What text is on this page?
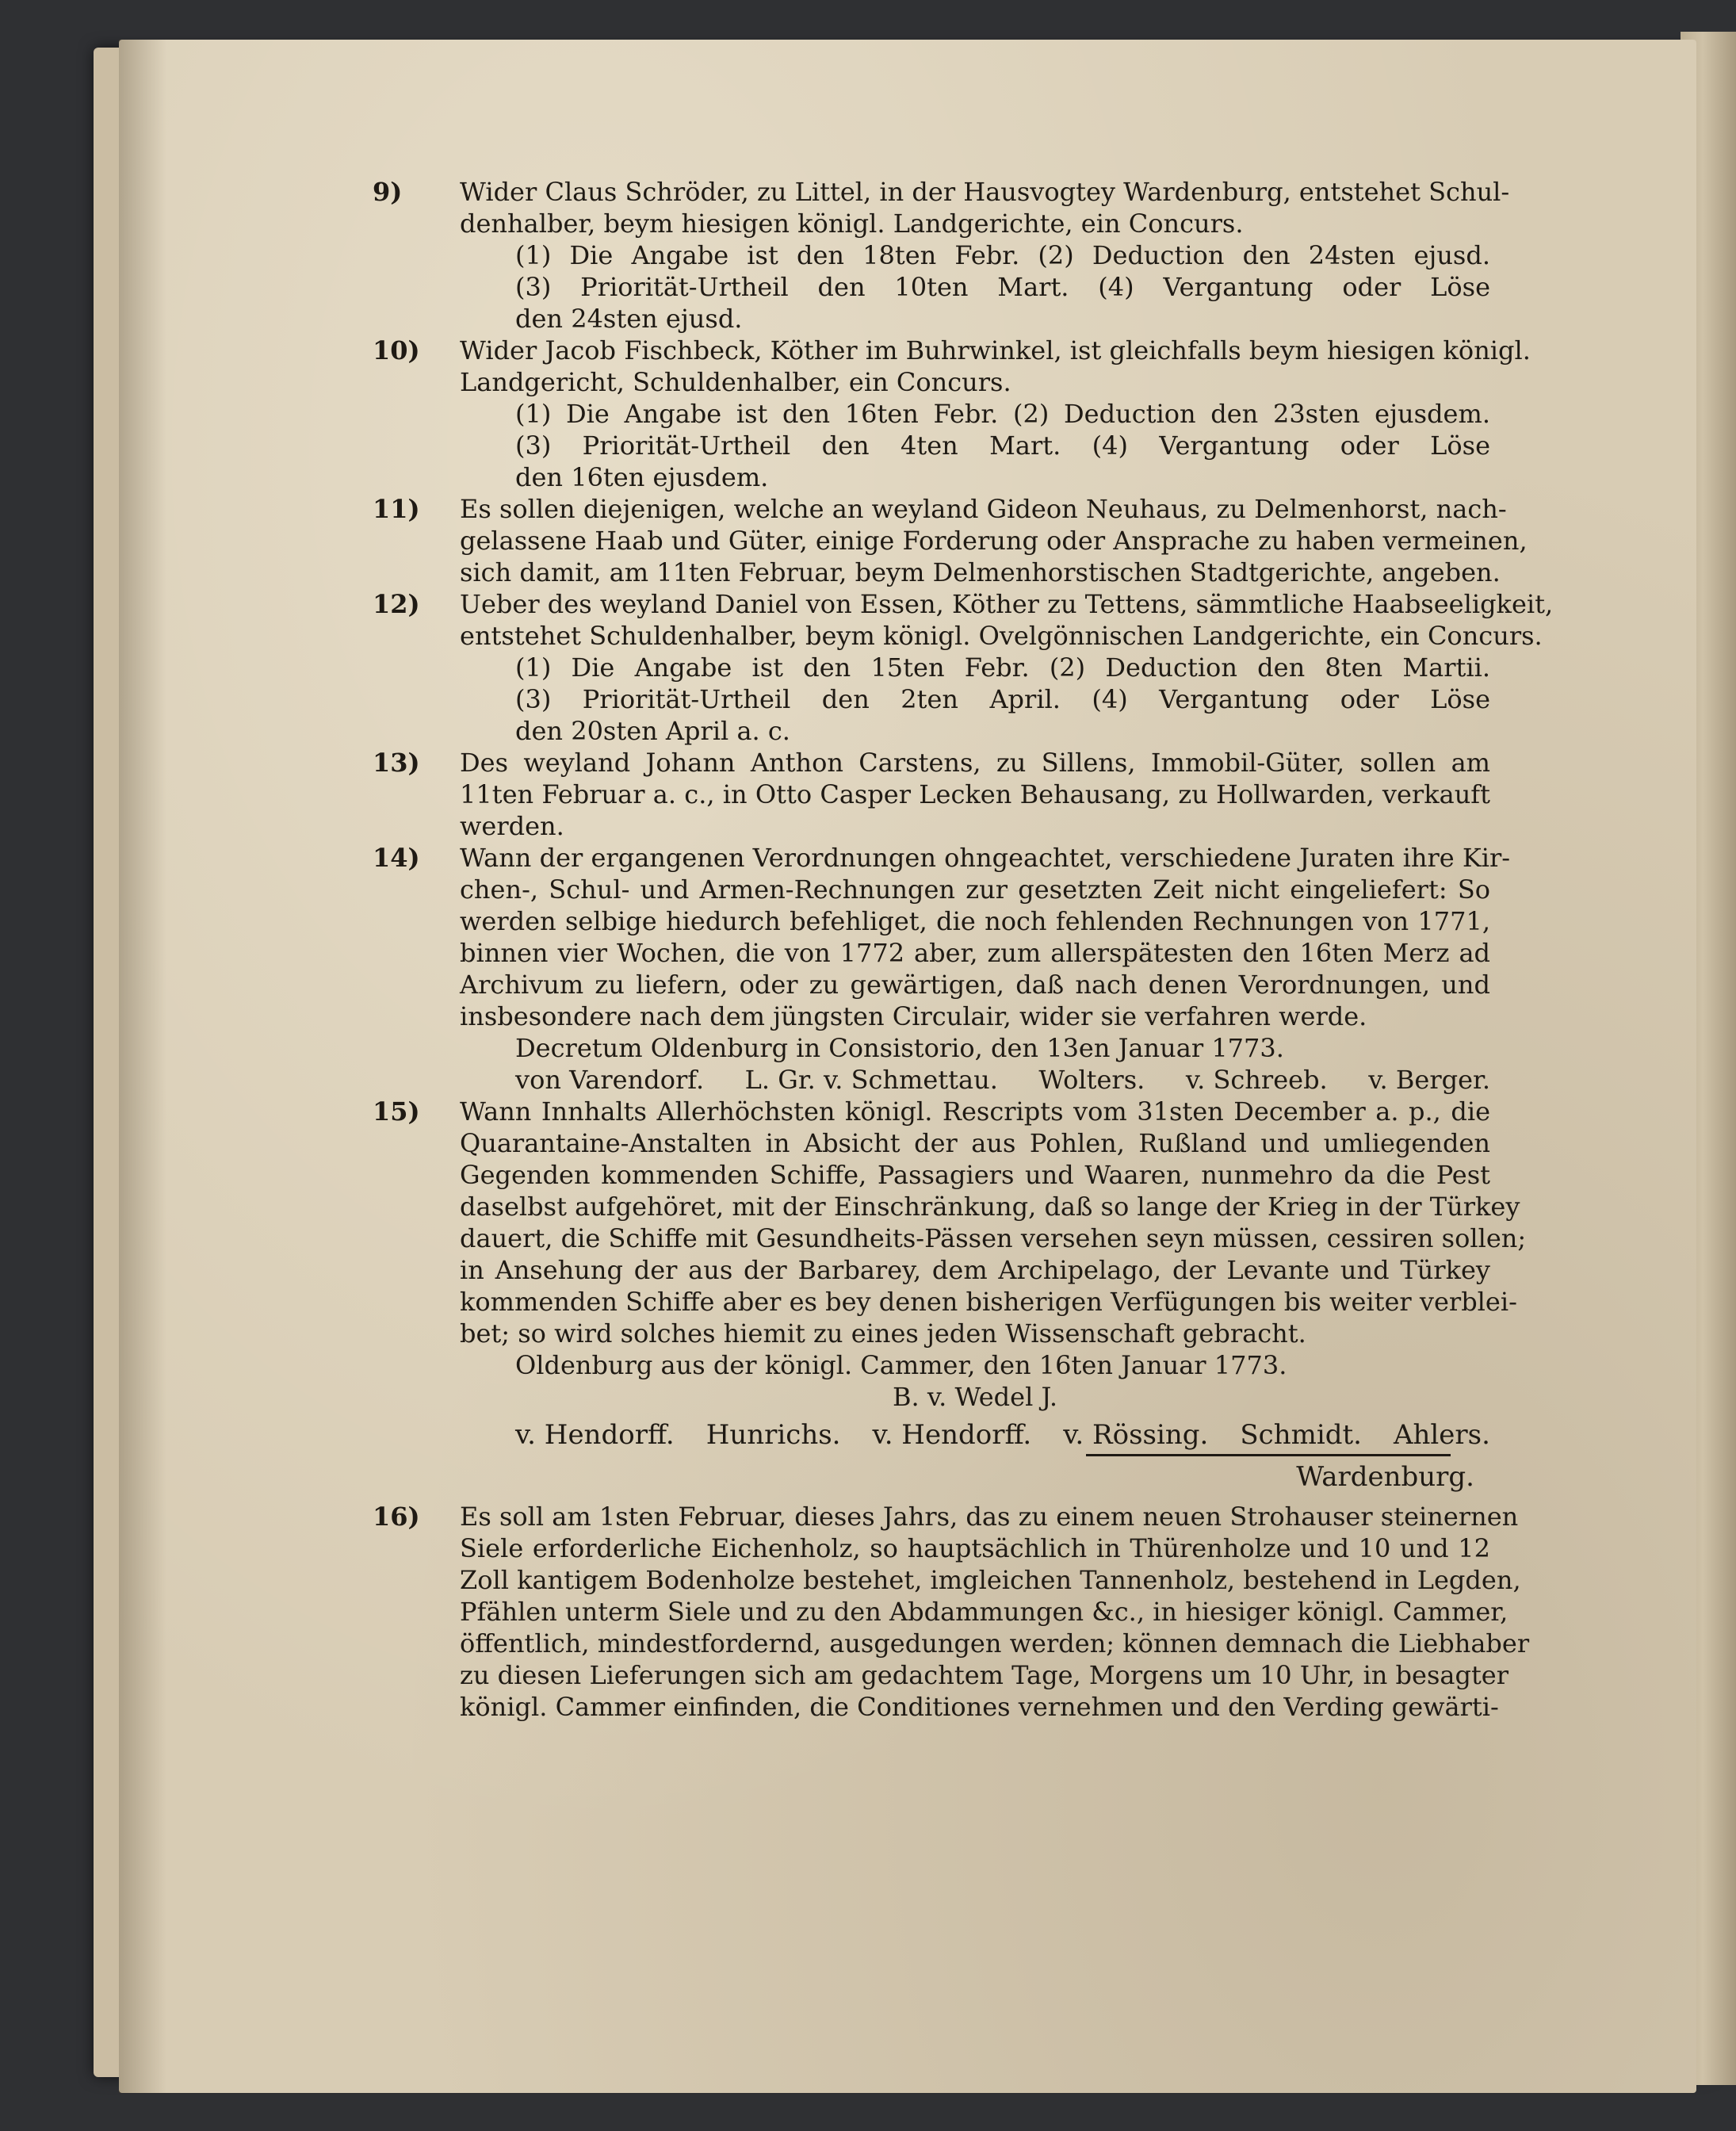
9)	Wider Claus Schröder, zu Littel, in der Hausvogtey Wardenburg, entstehet Schul-
denhalber, beym hiesigen königl. Landgerichte, ein Concurs.
(1) Die Angabe ist den 18ten Febr. (2) Deduction den 24sten ejusd.
(3) Priorität-Urtheil den 10ten Mart. (4) Vergantung oder Löse
den 24sten ejusd.
10)	Wider Jacob Fischbeck, Köther im Buhrwinkel, ist gleichfalls beym hiesigen königl.
Landgericht, Schuldenhalber, ein Concurs.
(1) Die Angabe ist den 16ten Febr. (2) Deduction den 23sten ejusdem.
(3) Priorität-Urtheil den 4ten Mart. (4) Vergantung oder Löse
den 16ten ejusdem.
11)	Es sollen diejenigen, welche an weyland Gideon Neuhaus, zu Delmenhorst, nach-
gelassene Haab und Güter, einige Forderung oder Ansprache zu haben vermeinen,
sich damit, am 11ten Februar, beym Delmenhorstischen Stadtgerichte, angeben.
12)	Ueber des weyland Daniel von Essen, Köther zu Tettens, sämmtliche Haabseeligkeit,
entstehet Schuldenhalber, beym königl. Ovelgönnischen Landgerichte, ein Concurs.
(1) Die Angabe ist den 15ten Febr. (2) Deduction den 8ten Martii.
(3) Priorität-Urtheil den 2ten April. (4) Vergantung oder Löse
den 20sten April a. c.
13)	Des weyland Johann Anthon Carstens, zu Sillens, Immobil-Güter, sollen am
11ten Februar a. c., in Otto Casper Lecken Behausang, zu Hollwarden, verkauft
werden.
14)	Wann der ergangenen Verordnungen ohngeachtet, verschiedene Juraten ihre Kir-
chen-, Schul- und Armen-Rechnungen zur gesetzten Zeit nicht eingeliefert: So
werden selbige hiedurch befehliget, die noch fehlenden Rechnungen von 1771,
binnen vier Wochen, die von 1772 aber, zum allerspätesten den 16ten Merz ad
Archivum zu liefern, oder zu gewärtigen, daß nach denen Verordnungen, und
insbesondere nach dem jüngsten Circulair, wider sie verfahren werde.
Decretum Oldenburg in Consistorio, den 13en Januar 1773.
von Varendorf. L. Gr. v. Schmettau. Wolters. v. Schreeb. v. Berger.
15)	Wann Innhalts Allerhöchsten königl. Rescripts vom 31sten December a. p., die
Quarantaine-Anstalten in Absicht der aus Pohlen, Rußland und umliegenden
Gegenden kommenden Schiffe, Passagiers und Waaren, nunmehro da die Pest
daselbst aufgehöret, mit der Einschränkung, daß so lange der Krieg in der Türkey
dauert, die Schiffe mit Gesundheits-Pässen versehen seyn müssen, cessiren sollen;
in Ansehung der aus der Barbarey, dem Archipelago, der Levante und Türkey
kommenden Schiffe aber es bey denen bisherigen Verfügungen bis weiter verblei-
bet; so wird solches hiemit zu eines jeden Wissenschaft gebracht.
Oldenburg aus der königl. Cammer, den 16ten Januar 1773.
B. v. Wedel J.
v. Hendorff. Hunrichs. v. Hendorff. v. Rössing. Schmidt. Ahlers.
Wardenburg.
16)	Es soll am 1sten Februar, dieses Jahrs, das zu einem neuen Strohauser steinernen
Siele erforderliche Eichenholz, so hauptsächlich in Thürenholze und 10 und 12
Zoll kantigem Bodenholze bestehet, imgleichen Tannenholz, bestehend in Legden,
Pfählen unterm Siele und zu den Abdammungen &c., in hiesiger königl. Cammer,
öffentlich, mindestfordernd, ausgedungen werden; können demnach die Liebhaber
zu diesen Lieferungen sich am gedachtem Tage, Morgens um 10 Uhr, in besagter
königl. Cammer einfinden, die Conditiones vernehmen und den Verding gewärti-
